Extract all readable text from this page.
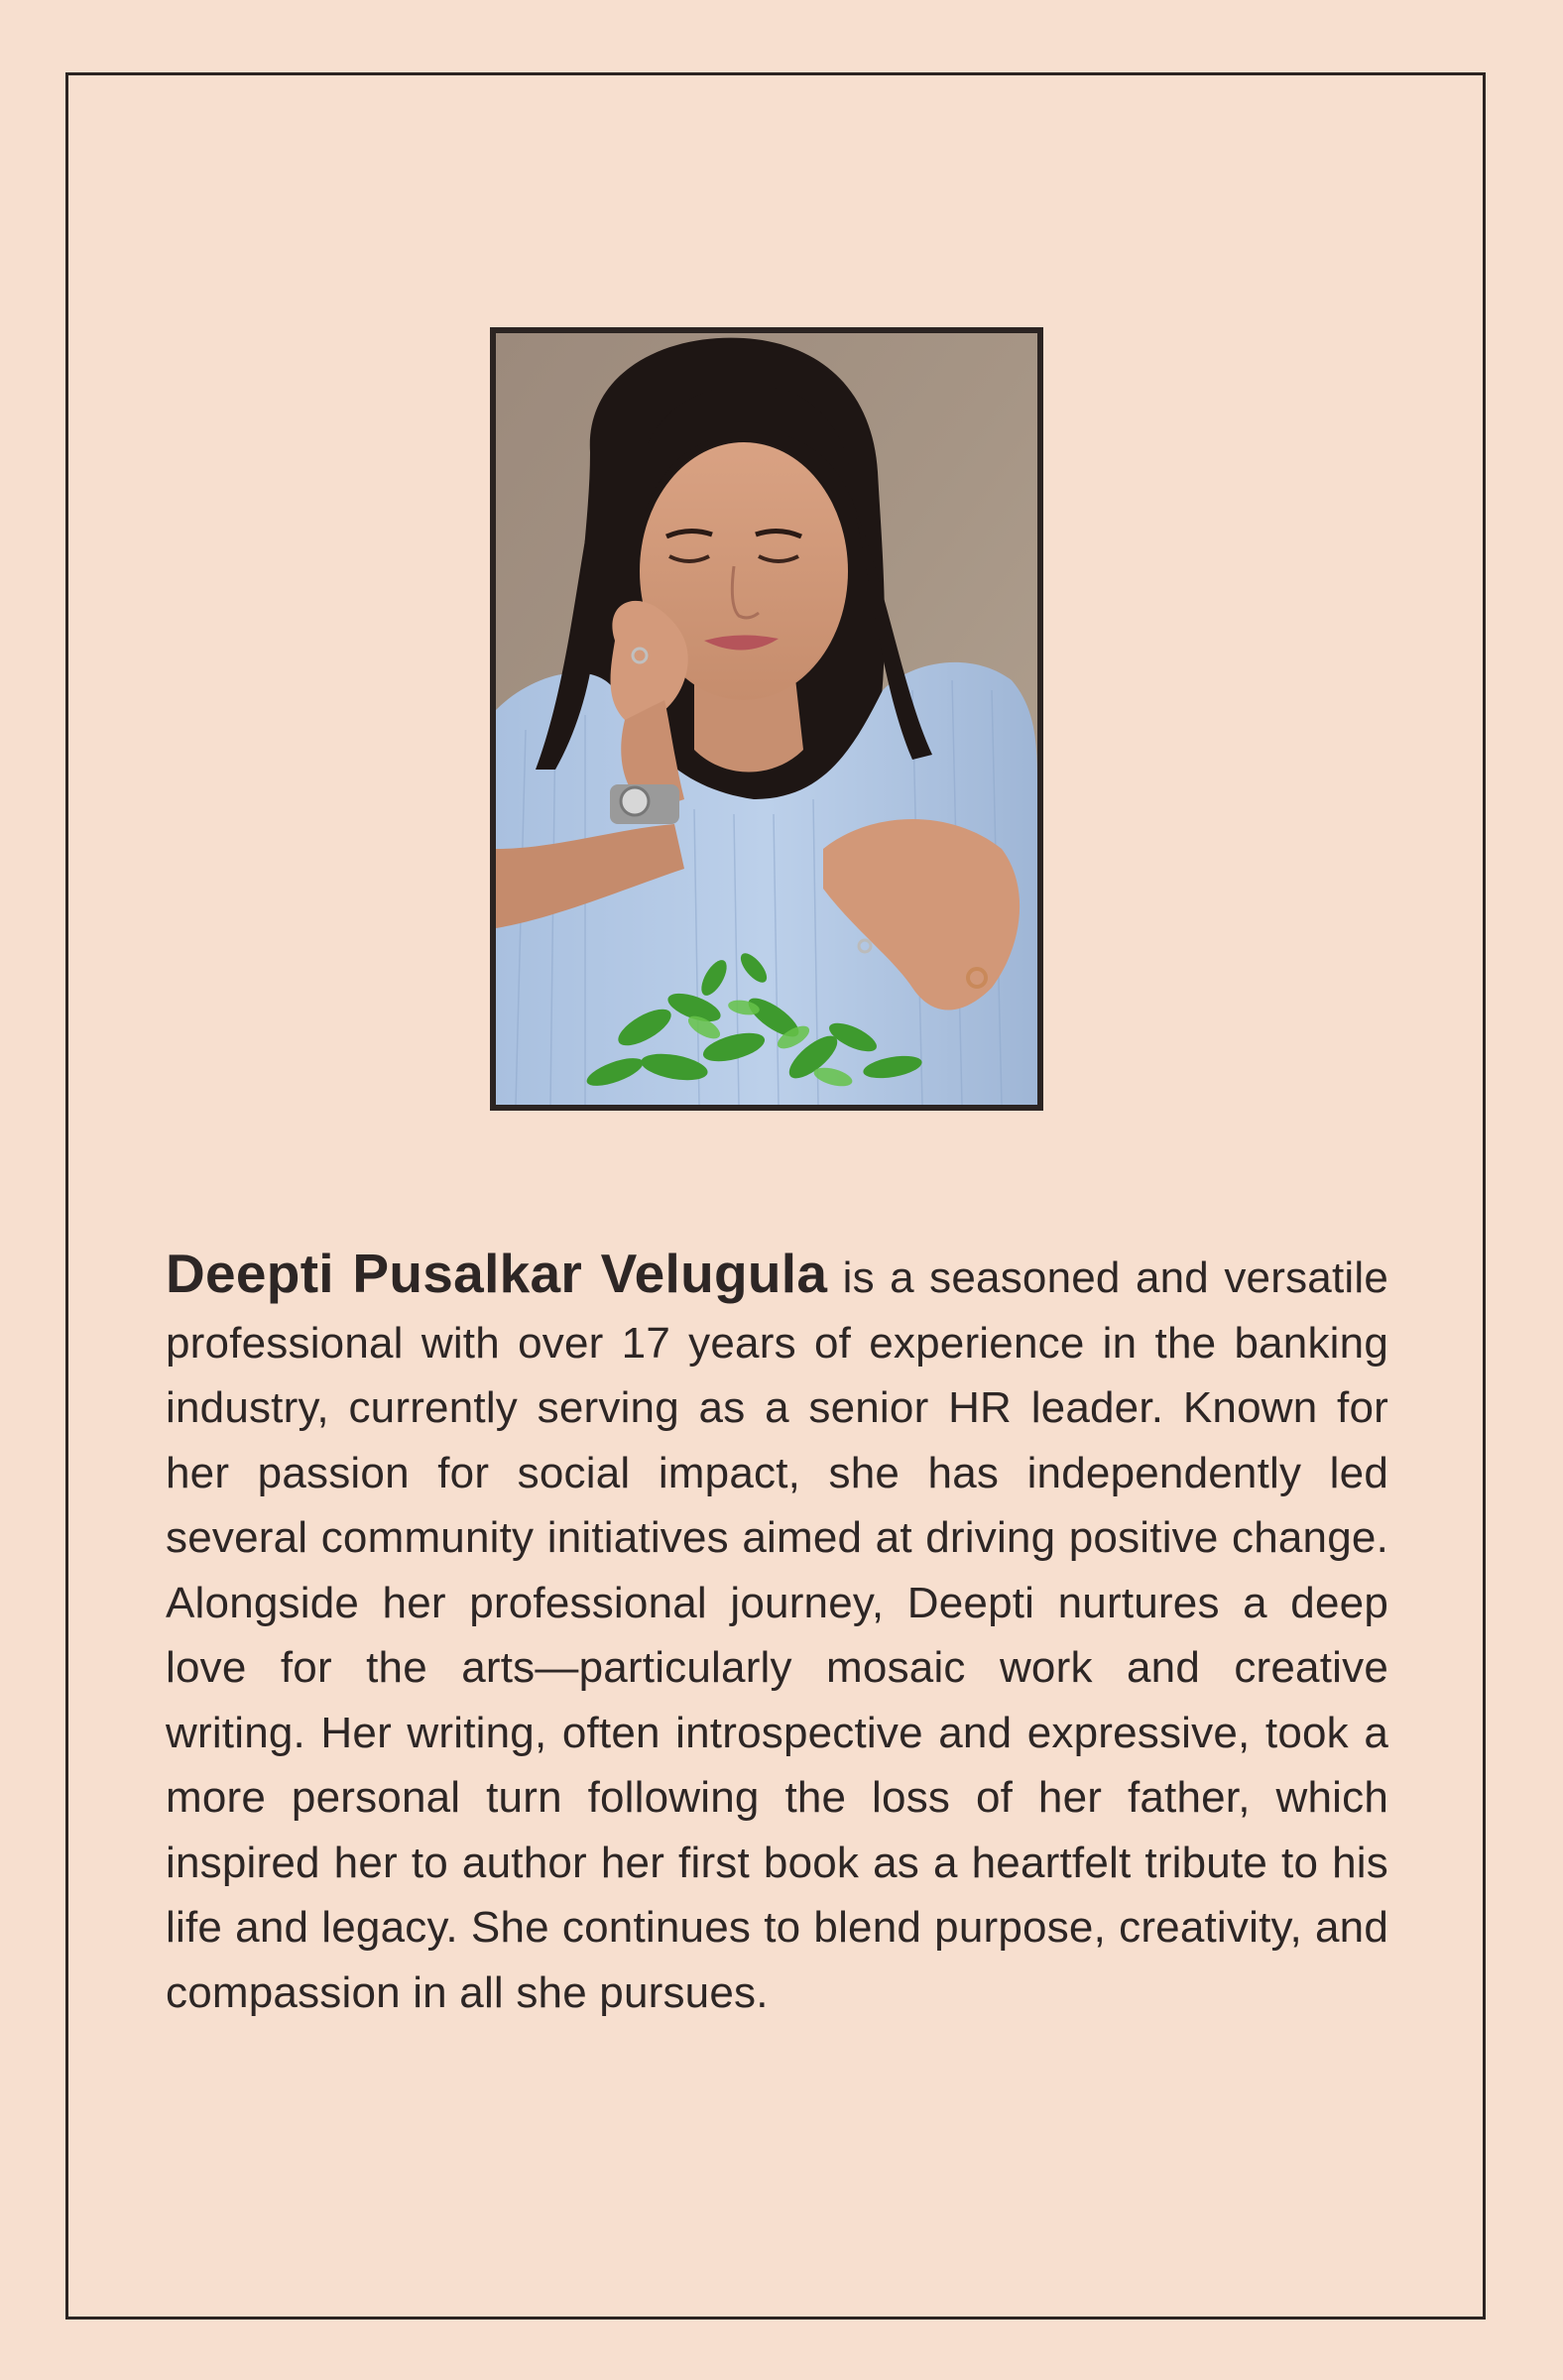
Deepti Pusalkar Velugula is a seasoned and versatile professional with over 17 years of experience in the banking industry, currently serving as a senior HR leader. Known for her passion for social impact, she has independently led several community initiatives aimed at driving positive change. Alongside her professional journey, Deepti nurtures a deep love for the arts—particularly mosaic work and creative writing. Her writing, often introspective and expressive, took a more personal turn following the loss of her father, which inspired her to author her first book as a heartfelt tribute to his life and legacy. She continues to blend purpose, creativity, and compassion in all she pursues.
